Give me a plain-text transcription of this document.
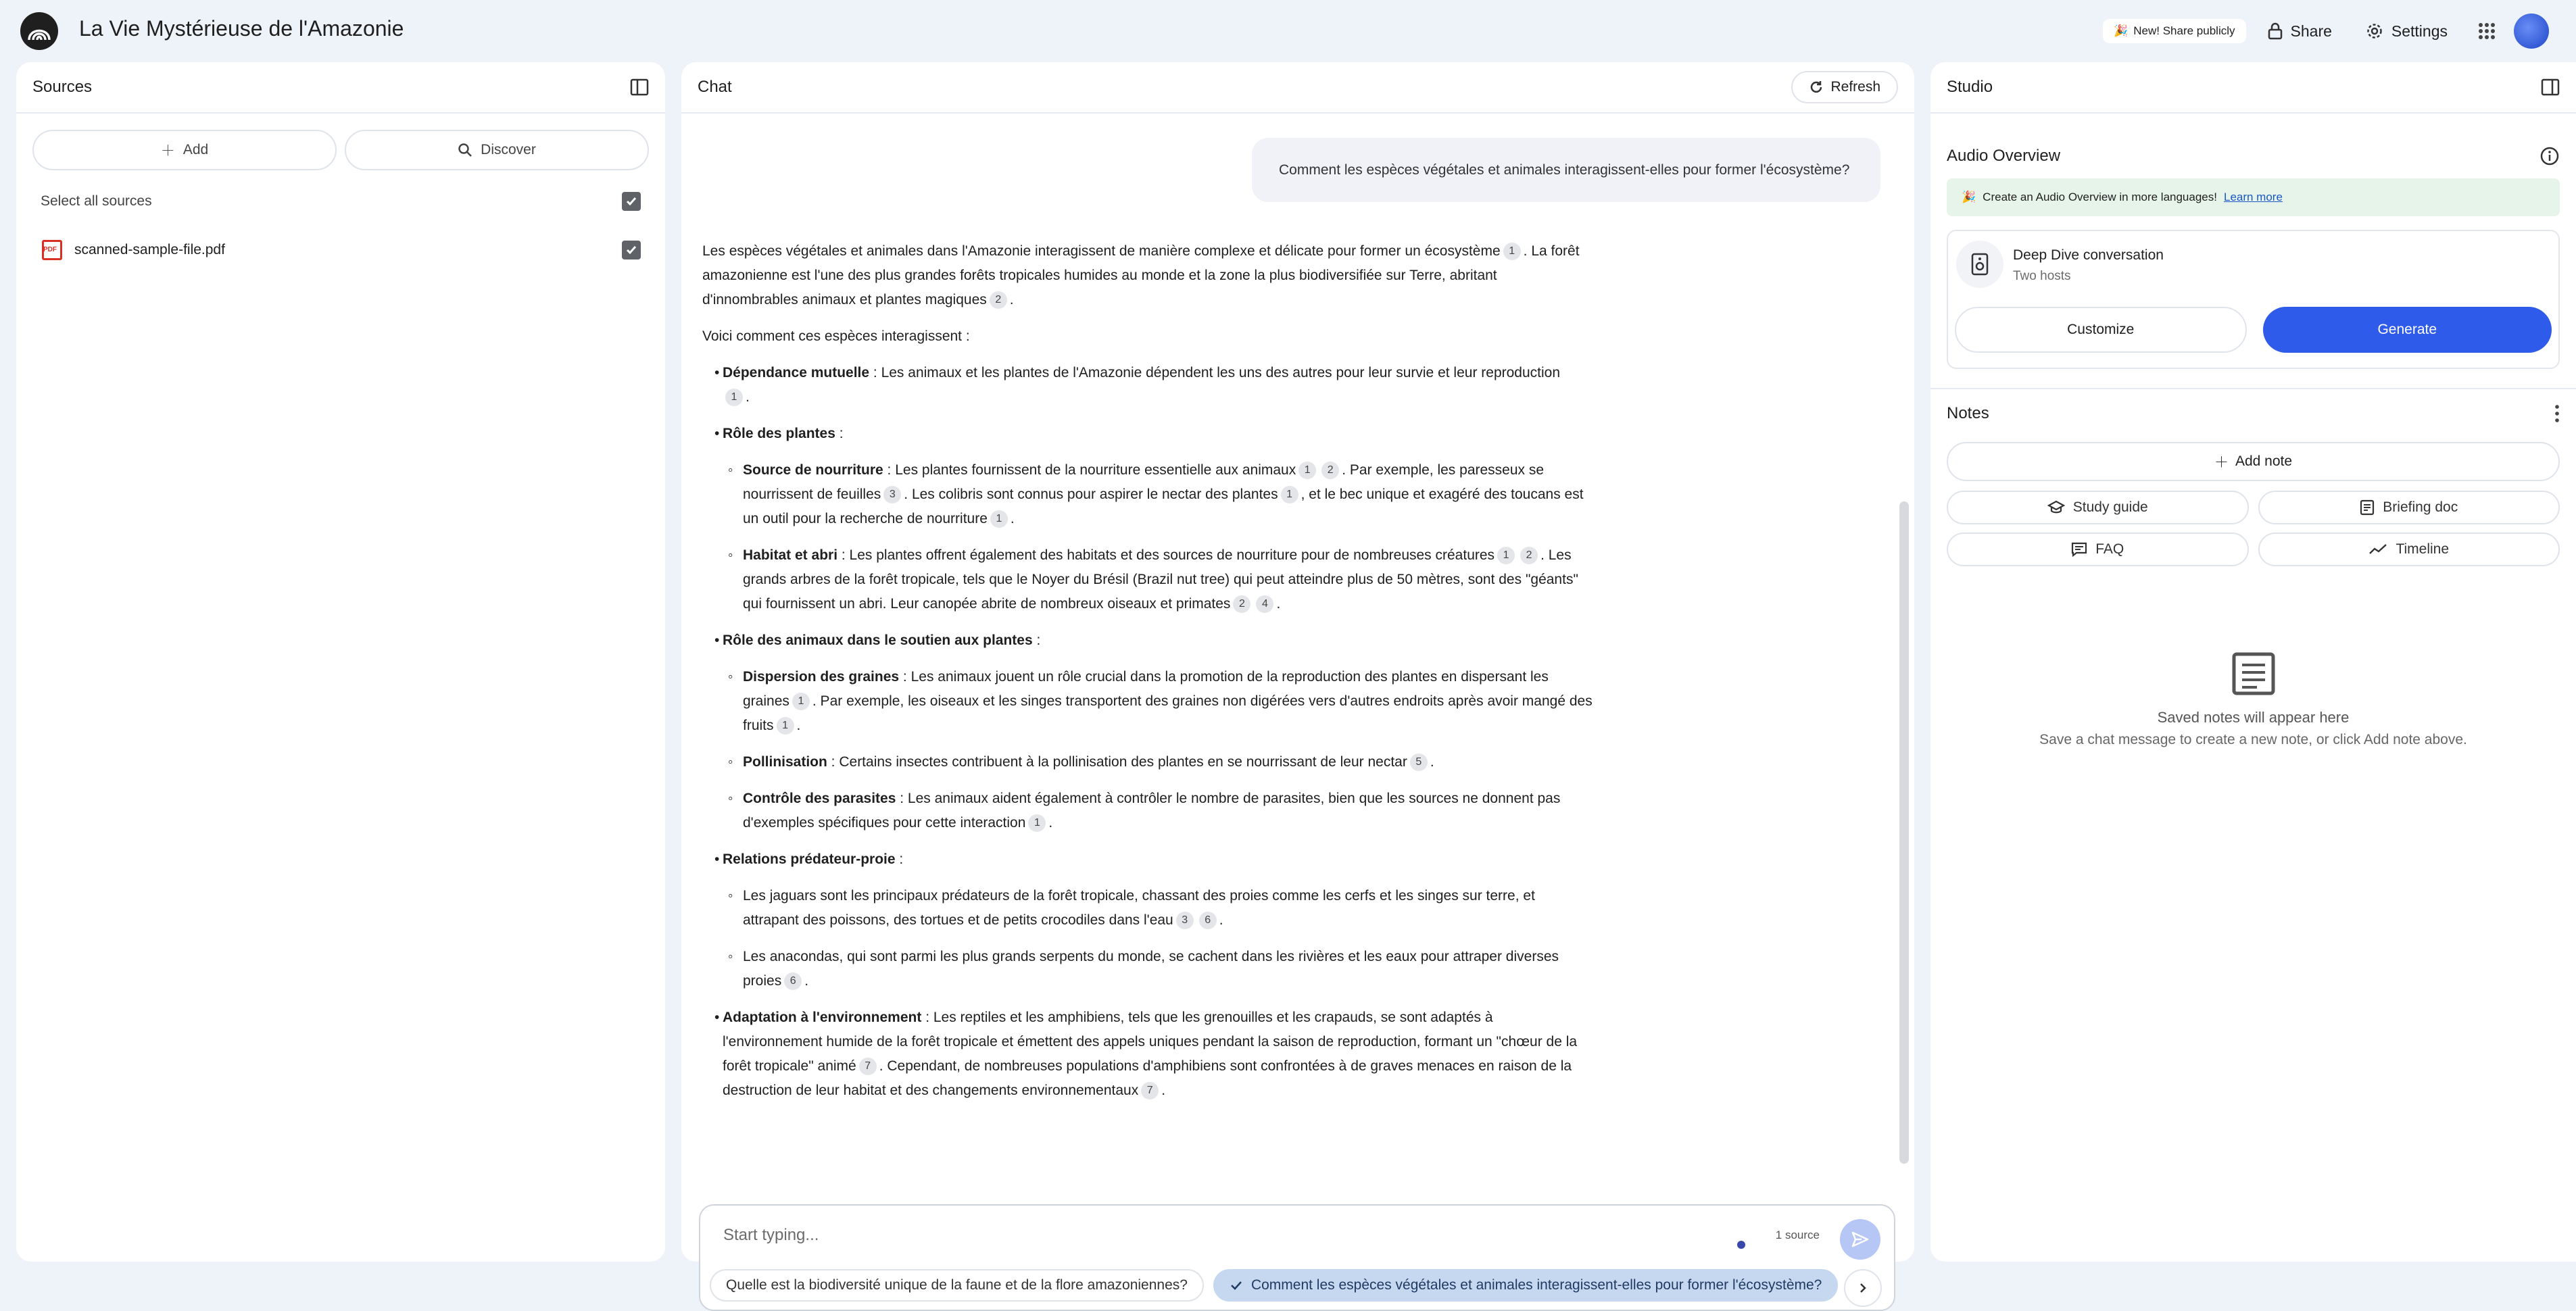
La Vie Mystérieuse de l'Amazonie	🎉 New! Share publicly	Share	Settings
Sources
＋ Add	Discover
Select all sources
PDF
scanned-sample-file.pdf
Chat	Refresh
Comment les espèces végétales et animales interagissent-elles pour former l'écosystème?

Les espèces végétales et animales dans l'Amazonie interagissent de manière complexe et délicate pour former un écosystème 1 . La forêt amazonienne est l'une des plus grandes forêts tropicales humides au monde et la zone la plus biodiversifiée sur Terre, abritant d'innombrables animaux et plantes magiques 2 .

Voici comment ces espèces interagissent :

• Dépendance mutuelle : Les animaux et les plantes de l'Amazonie dépendent les uns des autres pour leur survie et leur reproduction
1 .
• Rôle des plantes :
◦ Source de nourriture : Les plantes fournissent de la nourriture essentielle aux animaux 1 2 . Par exemple, les paresseux se nourrissent de feuilles 3 . Les colibris sont connus pour aspirer le nectar des plantes 1 , et le bec unique et exagéré des toucans est un outil pour la recherche de nourriture 1 .
◦ Habitat et abri : Les plantes offrent également des habitats et des sources de nourriture pour de nombreuses créatures 1 2 . Les grands arbres de la forêt tropicale, tels que le Noyer du Brésil (Brazil nut tree) qui peut atteindre plus de 50 mètres, sont des "géants" qui fournissent un abri. Leur canopée abrite de nombreux oiseaux et primates 2 4 .
• Rôle des animaux dans le soutien aux plantes :
◦ Dispersion des graines : Les animaux jouent un rôle crucial dans la promotion de la reproduction des plantes en dispersant les graines 1 . Par exemple, les oiseaux et les singes transportent des graines non digérées vers d'autres endroits après avoir mangé des fruits 1 .
◦ Pollinisation : Certains insectes contribuent à la pollinisation des plantes en se nourrissant de leur nectar 5 .
◦ Contrôle des parasites : Les animaux aident également à contrôler le nombre de parasites, bien que les sources ne donnent pas d'exemples spécifiques pour cette interaction 1 .
• Relations prédateur-proie :
◦ Les jaguars sont les principaux prédateurs de la forêt tropicale, chassant des proies comme les cerfs et les singes sur terre, et attrapant des poissons, des tortues et de petits crocodiles dans l'eau 3 6 .
◦ Les anacondas, qui sont parmi les plus grands serpents du monde, se cachent dans les rivières et les eaux pour attraper diverses proies 6 .
• Adaptation à l'environnement : Les reptiles et les amphibiens, tels que les grenouilles et les crapauds, se sont adaptés à l'environnement humide de la forêt tropicale et émettent des appels uniques pendant la saison de reproduction, formant un "chœur de la forêt tropicale" animé 7 . Cependant, de nombreuses populations d'amphibiens sont confrontées à de graves menaces en raison de la destruction de leur habitat et des changements environnementaux 7 .
Start typing...	1 source
Quelle est la biodiversité unique de la faune et de la flore amazoniennes?	Comment les espèces végétales et animales interagissent-elles pour former l'écosystème?
Studio
Audio Overview
🎉 Create an Audio Overview in more languages! Learn more
Deep Dive conversation
Two hosts
Customize	Generate
Notes
＋ Add note
Study guide	Briefing doc
FAQ	Timeline
Saved notes will appear here
Save a chat message to create a new note, or click Add note above.
